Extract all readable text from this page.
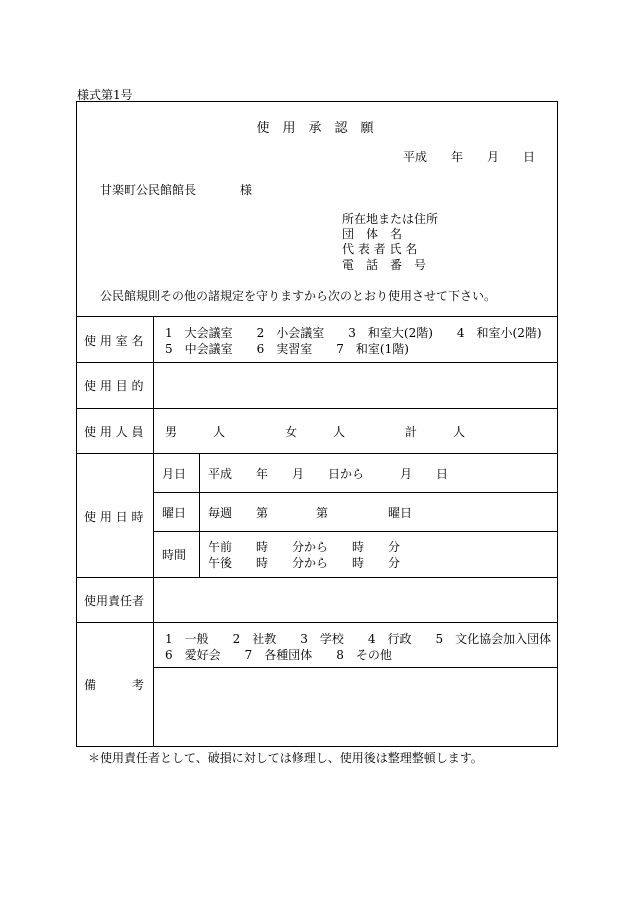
様式第1号
使　用　承　認　願
平成　　年　　月　　日
甘楽町公民館館長	様
所在地または住所
団　体　名
代 表 者 氏 名
電　話　番　号
公民館規則その他の諸規定を守りますから次のとおり使用させて下さい。
使 用 室 名
1　大会議室　　2　小会議室　　3　和室大(2階)　　4　和室小(2階)
5　中会議室　　6　実習室　　7　和室(1階)
使 用 目 的
使 用 人 員 男　　　人　　　　　女　　　人　　　　　計　　　人
使 用 日 時
月日 平成　　年　　月　　日から　　　月　　日
曜日 毎週　　第　　　　第　　　　　曜日
時間
午前　　時　　分から　　時　　分
午後　　時　　分から　　時　　分
使用責任者
備　　　考
1　一般　　2　社教　　3　学校　　4　行政　　5　文化協会加入団体
6　愛好会　　7　各種団体　　8　その他
＊使用責任者として、破損に対しては修理し、使用後は整理整頓します。
